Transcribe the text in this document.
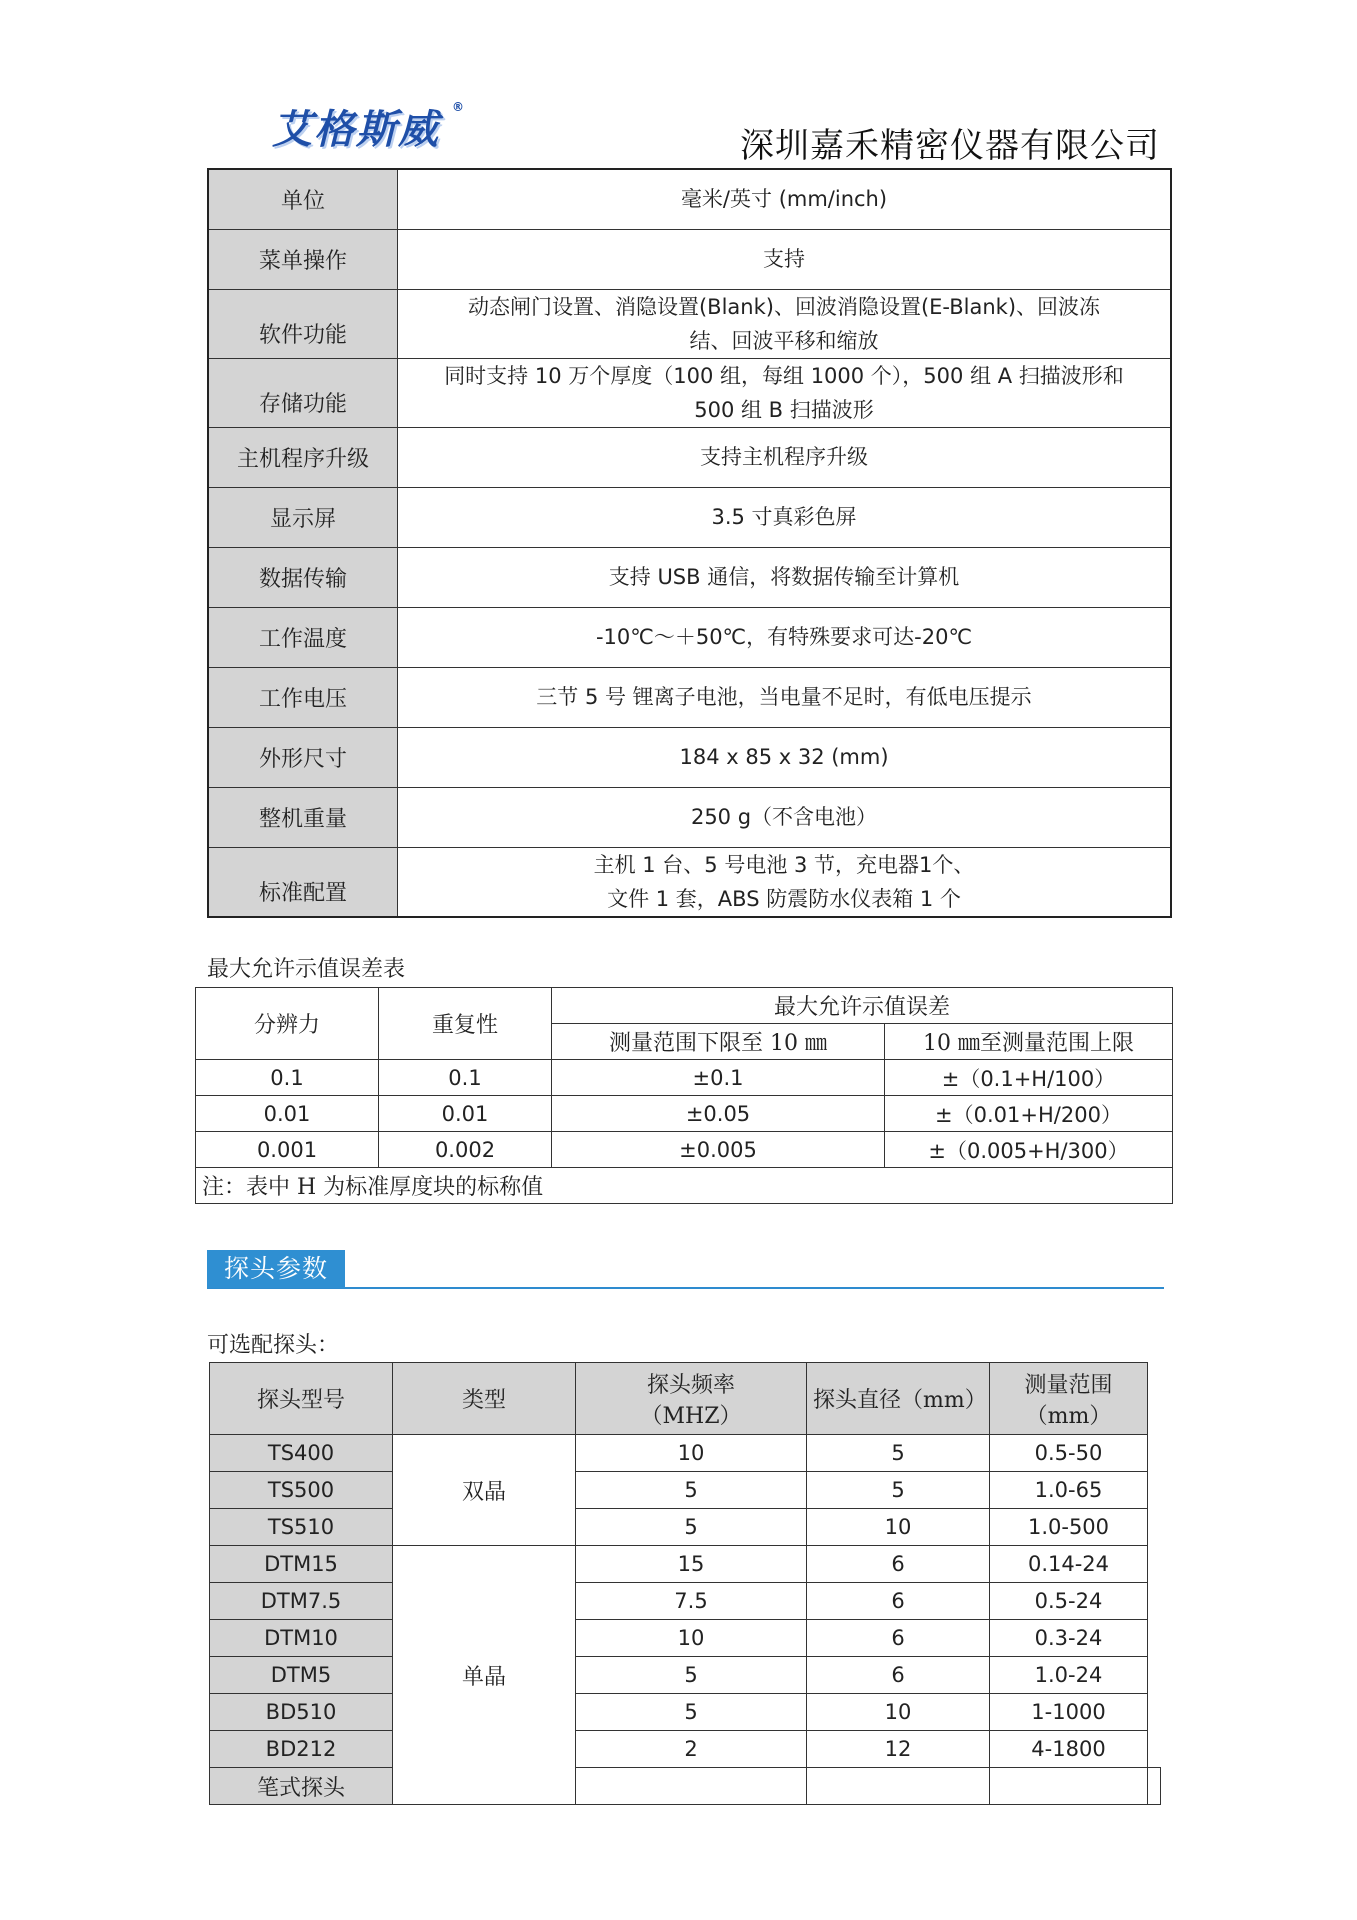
艾格斯威 ®
深圳嘉禾精密仪器有限公司
单位	毫米/英寸 (mm/inch)
菜单操作	支持
软件功能	动态闸门设置、消隐设置(Blank)、回波消隐设置(E-Blank)、回波冻结、回波平移和缩放
存储功能	同时支持 10 万个厚度（100 组，每组 1000 个），500 组 A 扫描波形和 500 组 B 扫描波形
主机程序升级	支持主机程序升级
显示屏	3.5 寸真彩色屏
数据传输	支持 USB 通信，将数据传输至计算机
工作温度	-10℃～＋50℃，有特殊要求可达-20℃
工作电压	三节 5 号 锂离子电池，当电量不足时，有低电压提示
外形尺寸	184 x 85 x 32 (mm)
整机重量	250 g（不含电池）
标准配置	主机 1 台、5 号电池 3 节，充电器1个、文件 1 套，ABS 防震防水仪表箱 1 个
最大允许示值误差表
分辨力	重复性	最大允许示值误差	
		测量范围下限至 10 ㎜	10 ㎜至测量范围上限
0.1	0.1	±0.1	±（0.1+H/100）
0.01	0.01	±0.05	±（0.01+H/200）
0.001	0.002	±0.005	±（0.005+H/300）
注：表中 H 为标准厚度块的标称值			
探头参数
可选配探头：
探头型号	类型	探头频率（MHZ）	探头直径（mm）	测量范围（mm）	
TS400	双晶	10	5	0.5-50	
TS500		5	5	1.0-65	
TS510		5	10	1.0-500	
DTM15	单晶	15	6	0.14-24	
DTM7.5		7.5	6	0.5-24	
DTM10		10	6	0.3-24	
DTM5		5	6	1.0-24	
BD510		5	10	1-1000	
BD212		2	12	4-1800	
笔式探头					
